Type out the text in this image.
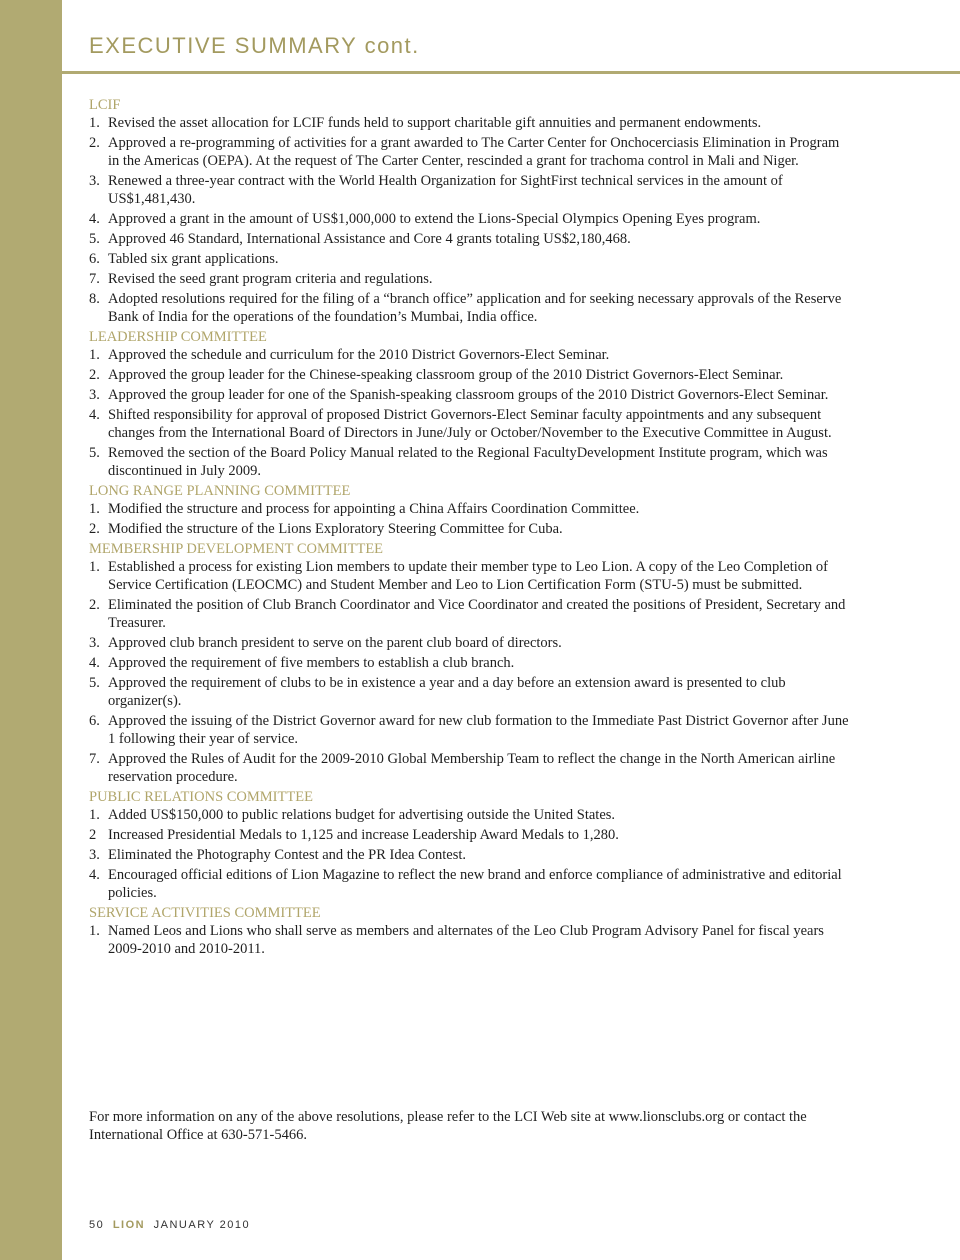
EXECUTIVE SUMMARY cont.
LCIF
1. Revised the asset allocation for LCIF funds held to support charitable gift annuities and permanent endowments.
2. Approved a re-programming of activities for a grant awarded to The Carter Center for Onchocerciasis Elimination in Program in the Americas (OEPA). At the request of The Carter Center, rescinded a grant for trachoma control in Mali and Niger.
3. Renewed a three-year contract with the World Health Organization for SightFirst technical services in the amount of US$1,481,430.
4. Approved a grant in the amount of US$1,000,000 to extend the Lions-Special Olympics Opening Eyes program.
5. Approved 46 Standard, International Assistance and Core 4 grants totaling US$2,180,468.
6. Tabled six grant applications.
7. Revised the seed grant program criteria and regulations.
8. Adopted resolutions required for the filing of a “branch office” application and for seeking necessary approvals of the Reserve Bank of India for the operations of the foundation’s Mumbai, India office.
LEADERSHIP COMMITTEE
1. Approved the schedule and curriculum for the 2010 District Governors-Elect Seminar.
2. Approved the group leader for the Chinese-speaking classroom group of the 2010 District Governors-Elect Seminar.
3. Approved the group leader for one of the Spanish-speaking classroom groups of the 2010 District Governors-Elect Seminar.
4. Shifted responsibility for approval of proposed District Governors-Elect Seminar faculty appointments and any subsequent changes from the International Board of Directors in June/July or October/November to the Executive Committee in August.
5. Removed the section of the Board Policy Manual related to the Regional FacultyDevelopment Institute program, which was discontinued in July 2009.
LONG RANGE PLANNING COMMITTEE
1. Modified the structure and process for appointing a China Affairs Coordination Committee.
2. Modified the structure of the Lions Exploratory Steering Committee for Cuba.
MEMBERSHIP DEVELOPMENT COMMITTEE
1. Established a process for existing Lion members to update their member type to Leo Lion. A copy of the Leo Completion of Service Certification (LEOCMC) and Student Member and Leo to Lion Certification Form (STU-5) must be submitted.
2. Eliminated the position of Club Branch Coordinator and Vice Coordinator and created the positions of President, Secretary and Treasurer.
3. Approved club branch president to serve on the parent club board of directors.
4. Approved the requirement of five members to establish a club branch.
5. Approved the requirement of clubs to be in existence a year and a day before an extension award is presented to club organizer(s).
6. Approved the issuing of the District Governor award for new club formation to the Immediate Past District Governor after June 1 following their year of service.
7. Approved the Rules of Audit for the 2009-2010 Global Membership Team to reflect the change in the North American airline reservation procedure.
PUBLIC RELATIONS COMMITTEE
1. Added US$150,000 to public relations budget for advertising outside the United States.
2 Increased Presidential Medals to 1,125 and increase Leadership Award Medals to 1,280.
3. Eliminated the Photography Contest and the PR Idea Contest.
4. Encouraged official editions of Lion Magazine to reflect the new brand and enforce compliance of administrative and editorial policies.
SERVICE ACTIVITIES COMMITTEE
1. Named Leos and Lions who shall serve as members and alternates of the Leo Club Program Advisory Panel for fiscal years 2009-2010 and 2010-2011.

For more information on any of the above resolutions, please refer to the LCI Web site at www.lionsclubs.org or contact the International Office at 630-571-5466.

50 LION JANUARY 2010
